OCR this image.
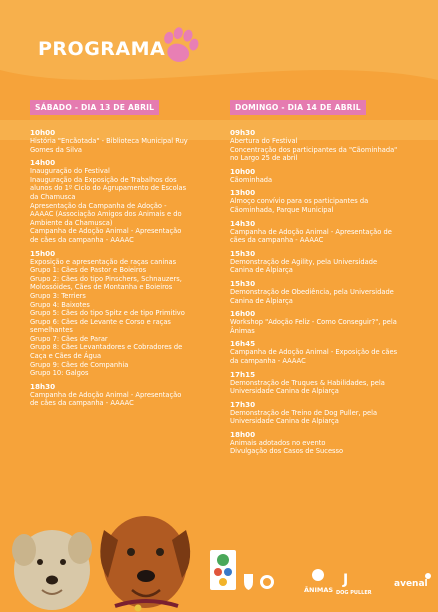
PROGRAMA
SÁBADO - DIA 13 DE ABRIL
10h00
História "Encãotada" - Biblioteca Municipal Ruy
Gomes da Silva
14h00
Inauguração do Festival
Inauguração da Exposição de Trabalhos dos
alunos do 1º Ciclo do Agrupamento de Escolas
da Chamusca
Apresentação da Campanha de Adoção -
AAAAC (Associação Amigos dos Animais e do
Ambiente da Chamusca)
Campanha de Adoção Animal - Apresentação
de cães da campanha - AAAAC
15h00
Exposição e apresentação de raças caninas
Grupo 1: Cães de Pastor e Boieiros
Grupo 2: Cães do tipo Pinschers, Schnauzers,
Molossóides, Cães de Montanha e Boieiros
Grupo 3: Terriers
Grupo 4: Baixotes
Grupo 5: Cães do tipo Spitz e de tipo Primitivo
Grupo 6: Cães de Levante e Corso e raças
semelhantes
Grupo 7: Cães de Parar
Grupo 8: Cães Levantadores e Cobradores de
Caça e Cães de Água
Grupo 9: Cães de Companhia
Grupo 10: Galgos
18h30
Campanha de Adoção Animal - Apresentação
de cães da campanha - AAAAC
DOMINGO - DIA 14 DE ABRIL
09h30
Abertura do Festival
Concentração dos participantes da "Cãominhada"
no Largo 25 de abril
10h00
Cãominhada
13h00
Almoço convívio para os participantes da
Cãominhada, Parque Municipal
14h30
Campanha de Adoção Animal - Apresentação de
cães da campanha - AAAAC
15h30
Demonstração de Agility, pela Universidade
Canina de Alpiarça
15h30
Demonstração de Obediência, pela Universidade
Canina de Alpiarça
16h00
Workshop "Adoção Feliz - Como Conseguir?", pela
Ânimas
16h45
Campanha de Adoção Animal - Exposição de cães
da campanha - AAAAC
17h15
Demonstração de Truques & Habilidades, pela
Universidade Canina de Alpiarça
17h30
Demonstração de Treino de Dog Puller, pela
Universidade Canina de Alpiarça
18h00
Animais adotados no evento
Divulgação dos Casos de Sucesso
ÂNIMAS
J
DOG PULLER
avenal
